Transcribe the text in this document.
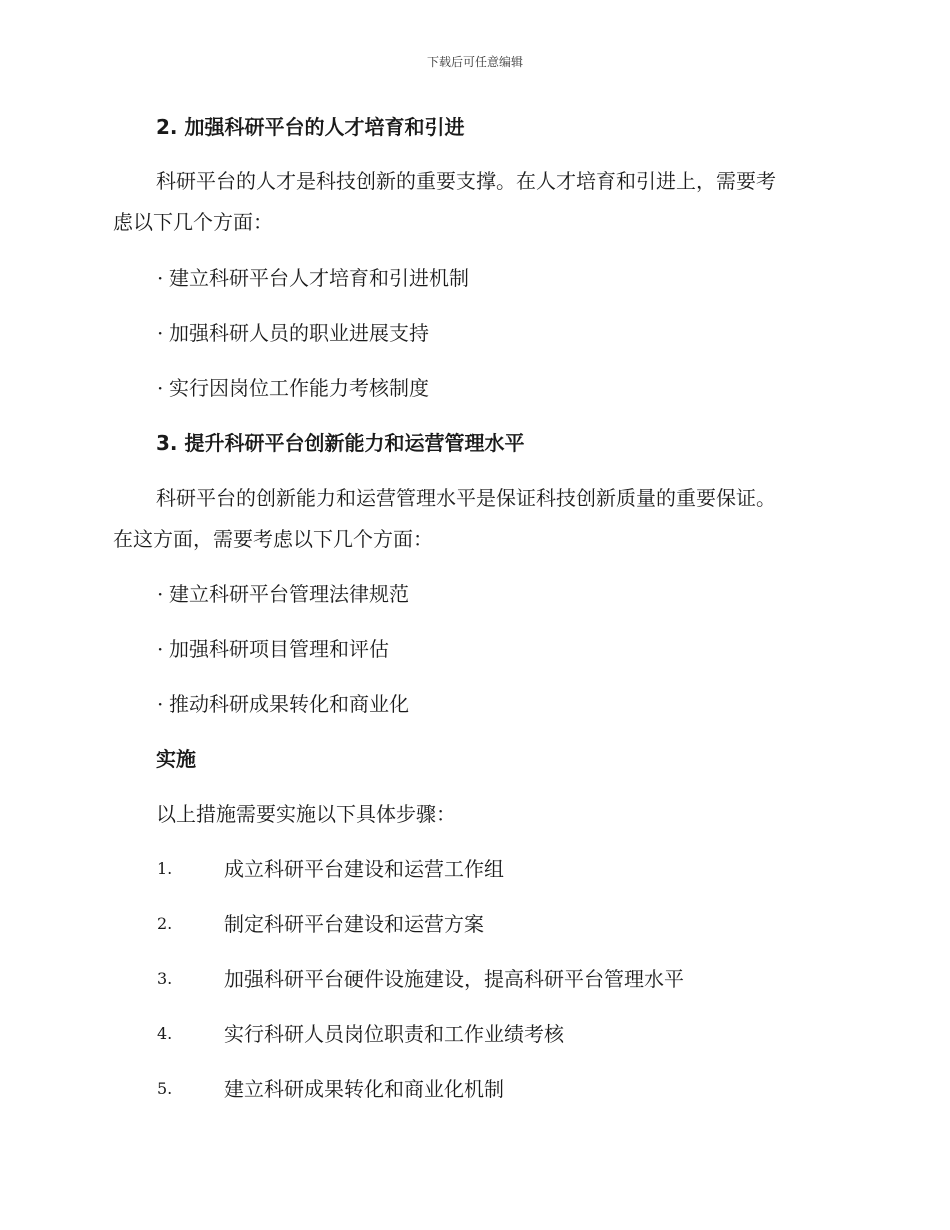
下载后可任意编辑
2. 加强科研平台的人才培育和引进
科研平台的人才是科技创新的重要支撑。在人才培育和引进上，需要考
虑以下几个方面：
· 建立科研平台人才培育和引进机制
· 加强科研人员的职业进展支持
· 实行因岗位工作能力考核制度
3. 提升科研平台创新能力和运营管理水平
科研平台的创新能力和运营管理水平是保证科技创新质量的重要保证。
在这方面，需要考虑以下几个方面：
· 建立科研平台管理法律规范
· 加强科研项目管理和评估
· 推动科研成果转化和商业化
实施
以上措施需要实施以下具体步骤：
1.	成立科研平台建设和运营工作组
2.	制定科研平台建设和运营方案
3.	加强科研平台硬件设施建设，提高科研平台管理水平
4.	实行科研人员岗位职责和工作业绩考核
5.	建立科研成果转化和商业化机制
